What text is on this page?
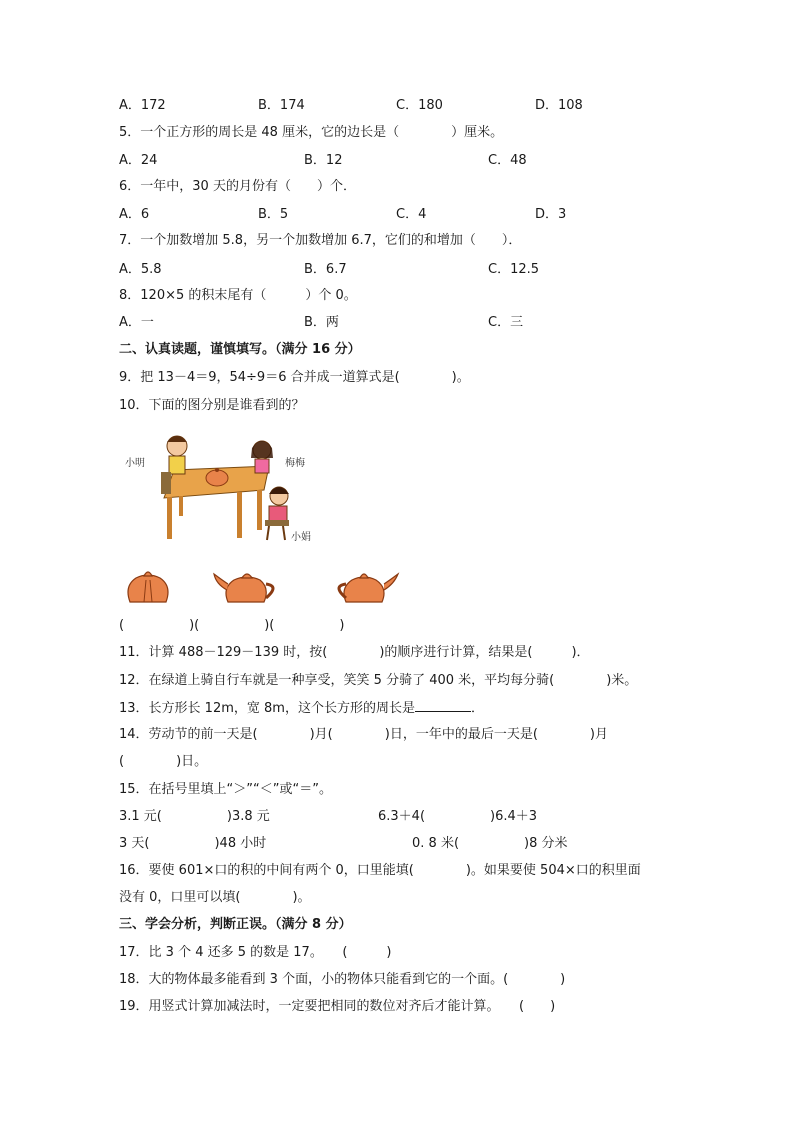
A．172	B．174	C．180	D．108
5．一个正方形的周长是 48 厘米，它的边长是（　　　　）厘米。
A．24	B．12	C．48
6．一年中，30 天的月份有（　　）个．
A．6	B．5	C．4	D．3
7．一个加数增加 5.8，另一个加数增加 6.7，它们的和增加（　　）．
A．5.8	B．6.7	C．12.5
8．120×5 的积末尾有（　　　）个 0。
A．一	B．两	C．三
二、认真读题，谨慎填写。（满分 16 分）
9．把 13－4＝9，54÷9＝6 合并成一道算式是(　　　　)。
10．下面的图分别是谁看到的？
小明	梅梅
小娟
(　　　　　)(　　　　　)(　　　　　)
11．计算 488－129－139 时，按(　　　　)的顺序进行计算，结果是(　　　)．
12．在绿道上骑自行车就是一种享受，笑笑 5 分骑了 400 米，平均每分骑(　　　　)米。
13．长方形长 12m，宽 8m，这个长方形的周长是	．
14．劳动节的前一天是(　　　　)月(　　　　)日，一年中的最后一天是(　　　　)月
(　　　　)日。
15．在括号里填上“＞”“＜”或“＝”。
3.1 元(　　　　　)3.8 元	6.3＋4(　　　　　)6.4＋3
3 天(　　　　　)48 小时	0. 8 米(　　　　　)8 分米
16．要使 601×口的积的中间有两个 0，口里能填(　　　　)。如果要使 504×口的积里面
没有 0，口里可以填(　　　　)。
三、学会分析，判断正误。（满分 8 分）
17．比 3 个 4 还多 5 的数是 17。　　(　　　)
18．大的物体最多能看到 3 个面，小的物体只能看到它的一个面。(　　　　)
19．用竖式计算加减法时，一定要把相同的数位对齐后才能计算。　　(　　)
